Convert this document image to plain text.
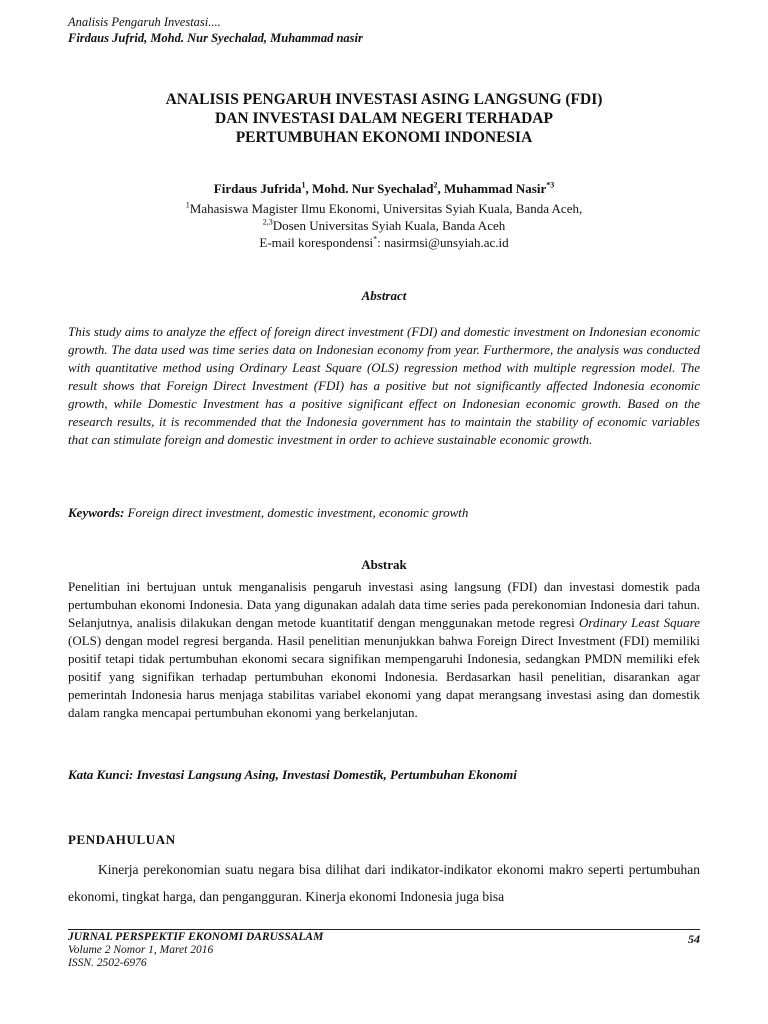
Analisis Pengaruh Investasi....
Firdaus Jufrid, Mohd. Nur Syechalad, Muhammad nasir
ANALISIS PENGARUH INVESTASI ASING LANGSUNG (FDI)
DAN INVESTASI DALAM NEGERI TERHADAP
PERTUMBUHAN EKONOMI INDONESIA
Firdaus Jufrida$^1$, Mohd. Nur Syechalad$^2$, Muhammad Nasir$^{*3}$
$^1$Mahasiswa Magister Ilmu Ekonomi, Universitas Syiah Kuala, Banda Aceh,
$^{2,3}$Dosen Universitas Syiah Kuala, Banda Aceh
E-mail korespondensi*: nasirmsi@unsyiah.ac.id
Abstract
This study aims to analyze the effect of foreign direct investment (FDI) and domestic investment on Indonesian economic growth. The data used was time series data on Indonesian economy from year. Furthermore, the analysis was conducted with quantitative method using Ordinary Least Square (OLS) regression method with multiple regression model. The result shows that Foreign Direct Investment (FDI) has a positive but not significantly affected Indonesia economic growth, while Domestic Investment has a positive significant effect on Indonesian economic growth. Based on the research results, it is recommended that the Indonesia government has to maintain the stability of economic variables that can stimulate foreign and domestic investment in order to achieve sustainable economic growth.
Keywords: Foreign direct investment, domestic investment, economic growth
Abstrak
Penelitian ini bertujuan untuk menganalisis pengaruh investasi asing langsung (FDI) dan investasi domestik pada pertumbuhan ekonomi Indonesia. Data yang digunakan adalah data time series pada perekonomian Indonesia dari tahun. Selanjutnya, analisis dilakukan dengan metode kuantitatif dengan menggunakan metode regresi Ordinary Least Square (OLS) dengan model regresi berganda. Hasil penelitian menunjukkan bahwa Foreign Direct Investment (FDI) memiliki positif tetapi tidak pertumbuhan ekonomi secara signifikan mempengaruhi Indonesia, sedangkan PMDN memiliki efek positif yang signifikan terhadap pertumbuhan ekonomi Indonesia. Berdasarkan hasil penelitian, disarankan agar pemerintah Indonesia harus menjaga stabilitas variabel ekonomi yang dapat merangsang investasi asing dan domestik dalam rangka mencapai pertumbuhan ekonomi yang berkelanjutan.
Kata Kunci: Investasi Langsung Asing, Investasi Domestik, Pertumbuhan Ekonomi
PENDAHULUAN
Kinerja perekonomian suatu negara bisa dilihat dari indikator-indikator ekonomi makro seperti pertumbuhan ekonomi, tingkat harga, dan pengangguran. Kinerja ekonomi Indonesia juga bisa
JURNAL PERSPEKTIF EKONOMI DARUSSALAM
Volume 2 Nomor 1, Maret 2016
ISSN. 2502-6976
54
